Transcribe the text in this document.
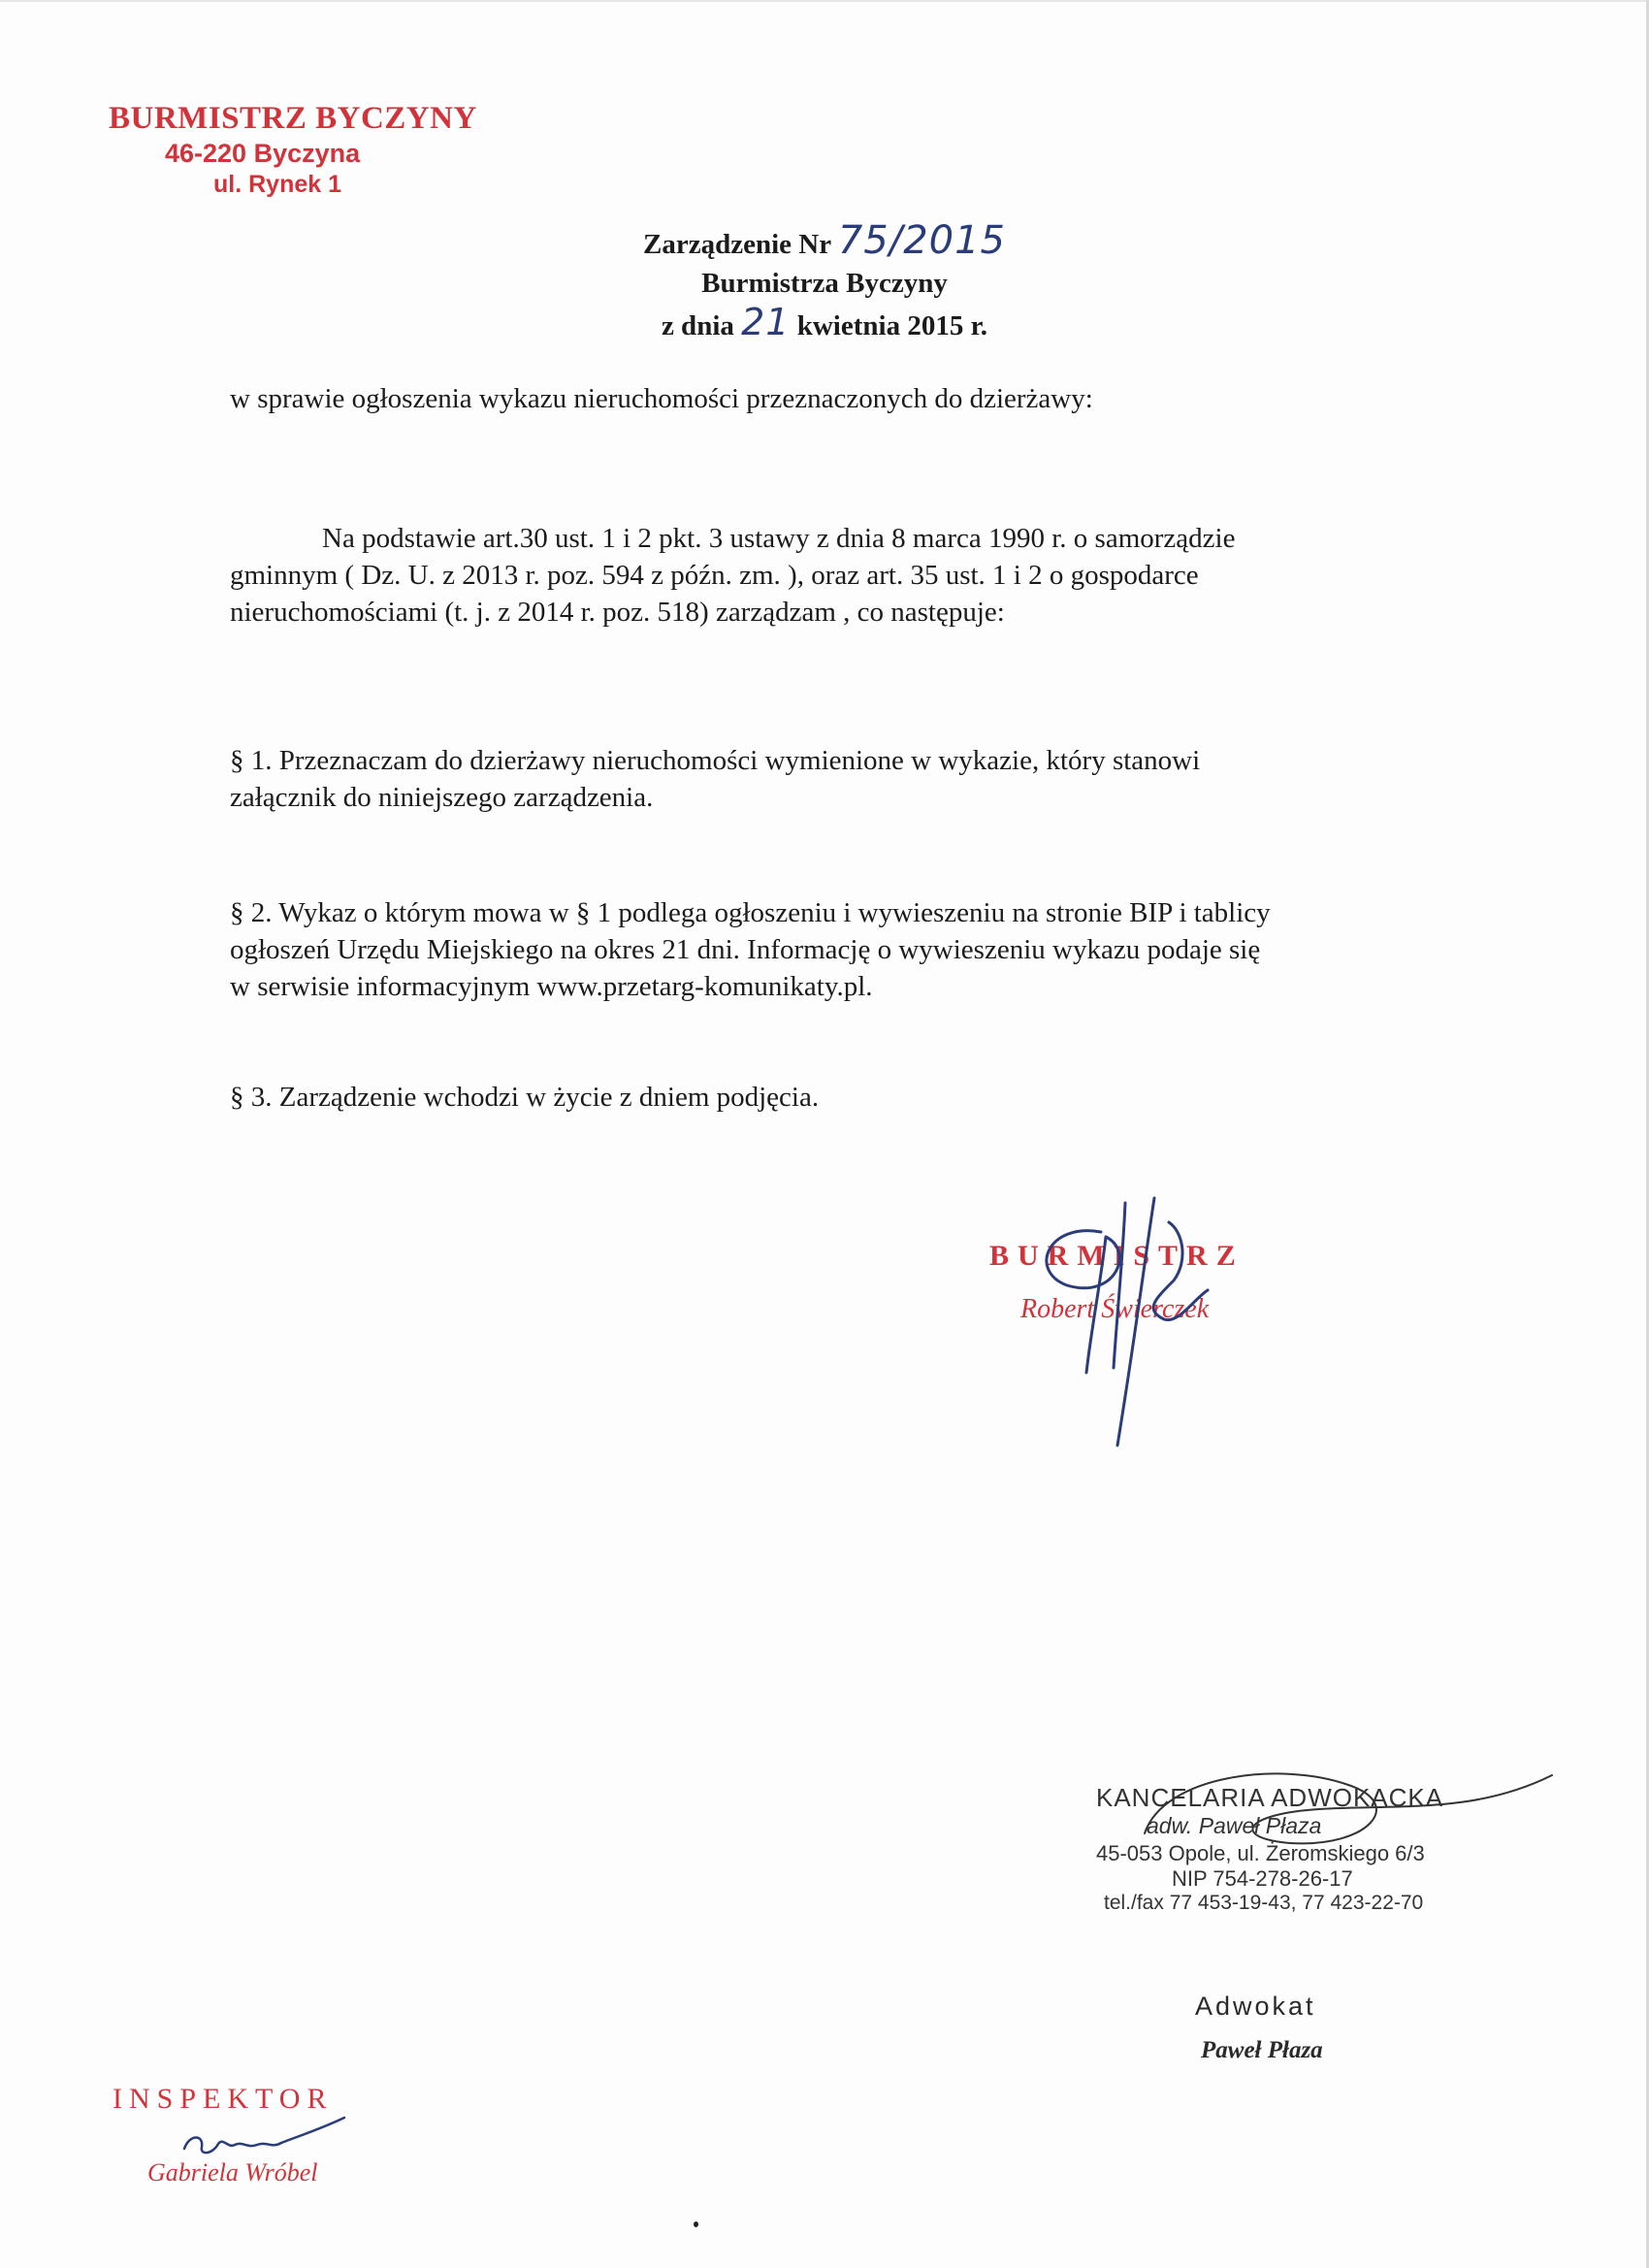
BURMISTRZ BYCZYNY
46-220 Byczyna
ul. Rynek 1
Zarządzenie Nr 75/2015
Burmistrza Byczyny
z dnia 21 kwietnia 2015 r.
w sprawie ogłoszenia wykazu nieruchomości przeznaczonych do dzierżawy:
Na podstawie art.30 ust. 1 i 2 pkt. 3 ustawy z dnia 8 marca 1990 r. o samorządzie
gminnym ( Dz. U. z 2013 r. poz. 594 z późn. zm. ), oraz art. 35 ust. 1 i 2 o gospodarce
nieruchomościami (t. j. z 2014 r. poz. 518) zarządzam , co następuje:
§ 1. Przeznaczam do dzierżawy nieruchomości wymienione w wykazie, który stanowi
załącznik do niniejszego zarządzenia.
§ 2. Wykaz o którym mowa w § 1 podlega ogłoszeniu i wywieszeniu na stronie BIP i tablicy
ogłoszeń Urzędu Miejskiego na okres 21 dni. Informację o wywieszeniu wykazu podaje się
w serwisie informacyjnym www.przetarg-komunikaty.pl.
§ 3. Zarządzenie wchodzi w życie z dniem podjęcia.
BURMISTRZ
Robert Świerczek
KANCELARIA ADWOKACKA
adw. Paweł Płaza
45-053 Opole, ul. Żeromskiego 6/3
NIP 754-278-26-17
tel./fax 77 453-19-43, 77 423-22-70
Adwokat
Paweł Płaza
INSPEKTOR
Gabriela Wróbel
